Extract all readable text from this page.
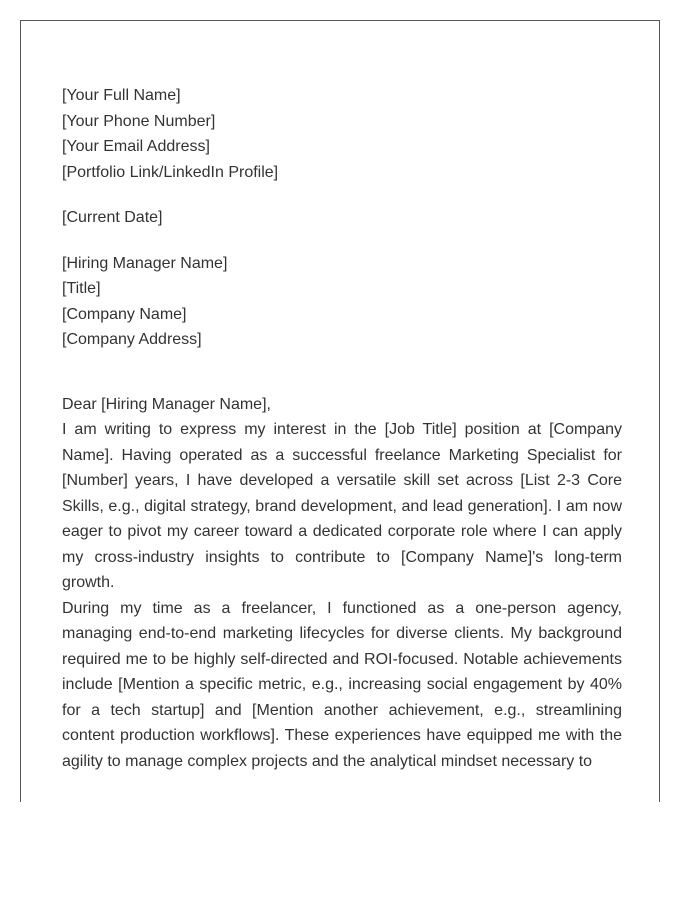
[Your Full Name]
[Your Phone Number]
[Your Email Address]
[Portfolio Link/LinkedIn Profile]
[Current Date]
[Hiring Manager Name]
[Title]
[Company Name]
[Company Address]
Dear [Hiring Manager Name],

I am writing to express my interest in the [Job Title] position at [Company Name]. Having operated as a successful freelance Marketing Specialist for [Number] years, I have developed a versatile skill set across [List 2-3 Core Skills, e.g., digital strategy, brand development, and lead generation]. I am now eager to pivot my career toward a dedicated corporate role where I can apply my cross-industry insights to contribute to [Company Name]'s long-term growth.

During my time as a freelancer, I functioned as a one-person agency, managing end-to-end marketing lifecycles for diverse clients. My background required me to be highly self-directed and ROI-focused. Notable achievements include [Mention a specific metric, e.g., increasing social engagement by 40% for a tech startup] and [Mention another achievement, e.g., streamlining content production workflows]. These experiences have equipped me with the agility to manage complex projects and the analytical mindset necessary to
